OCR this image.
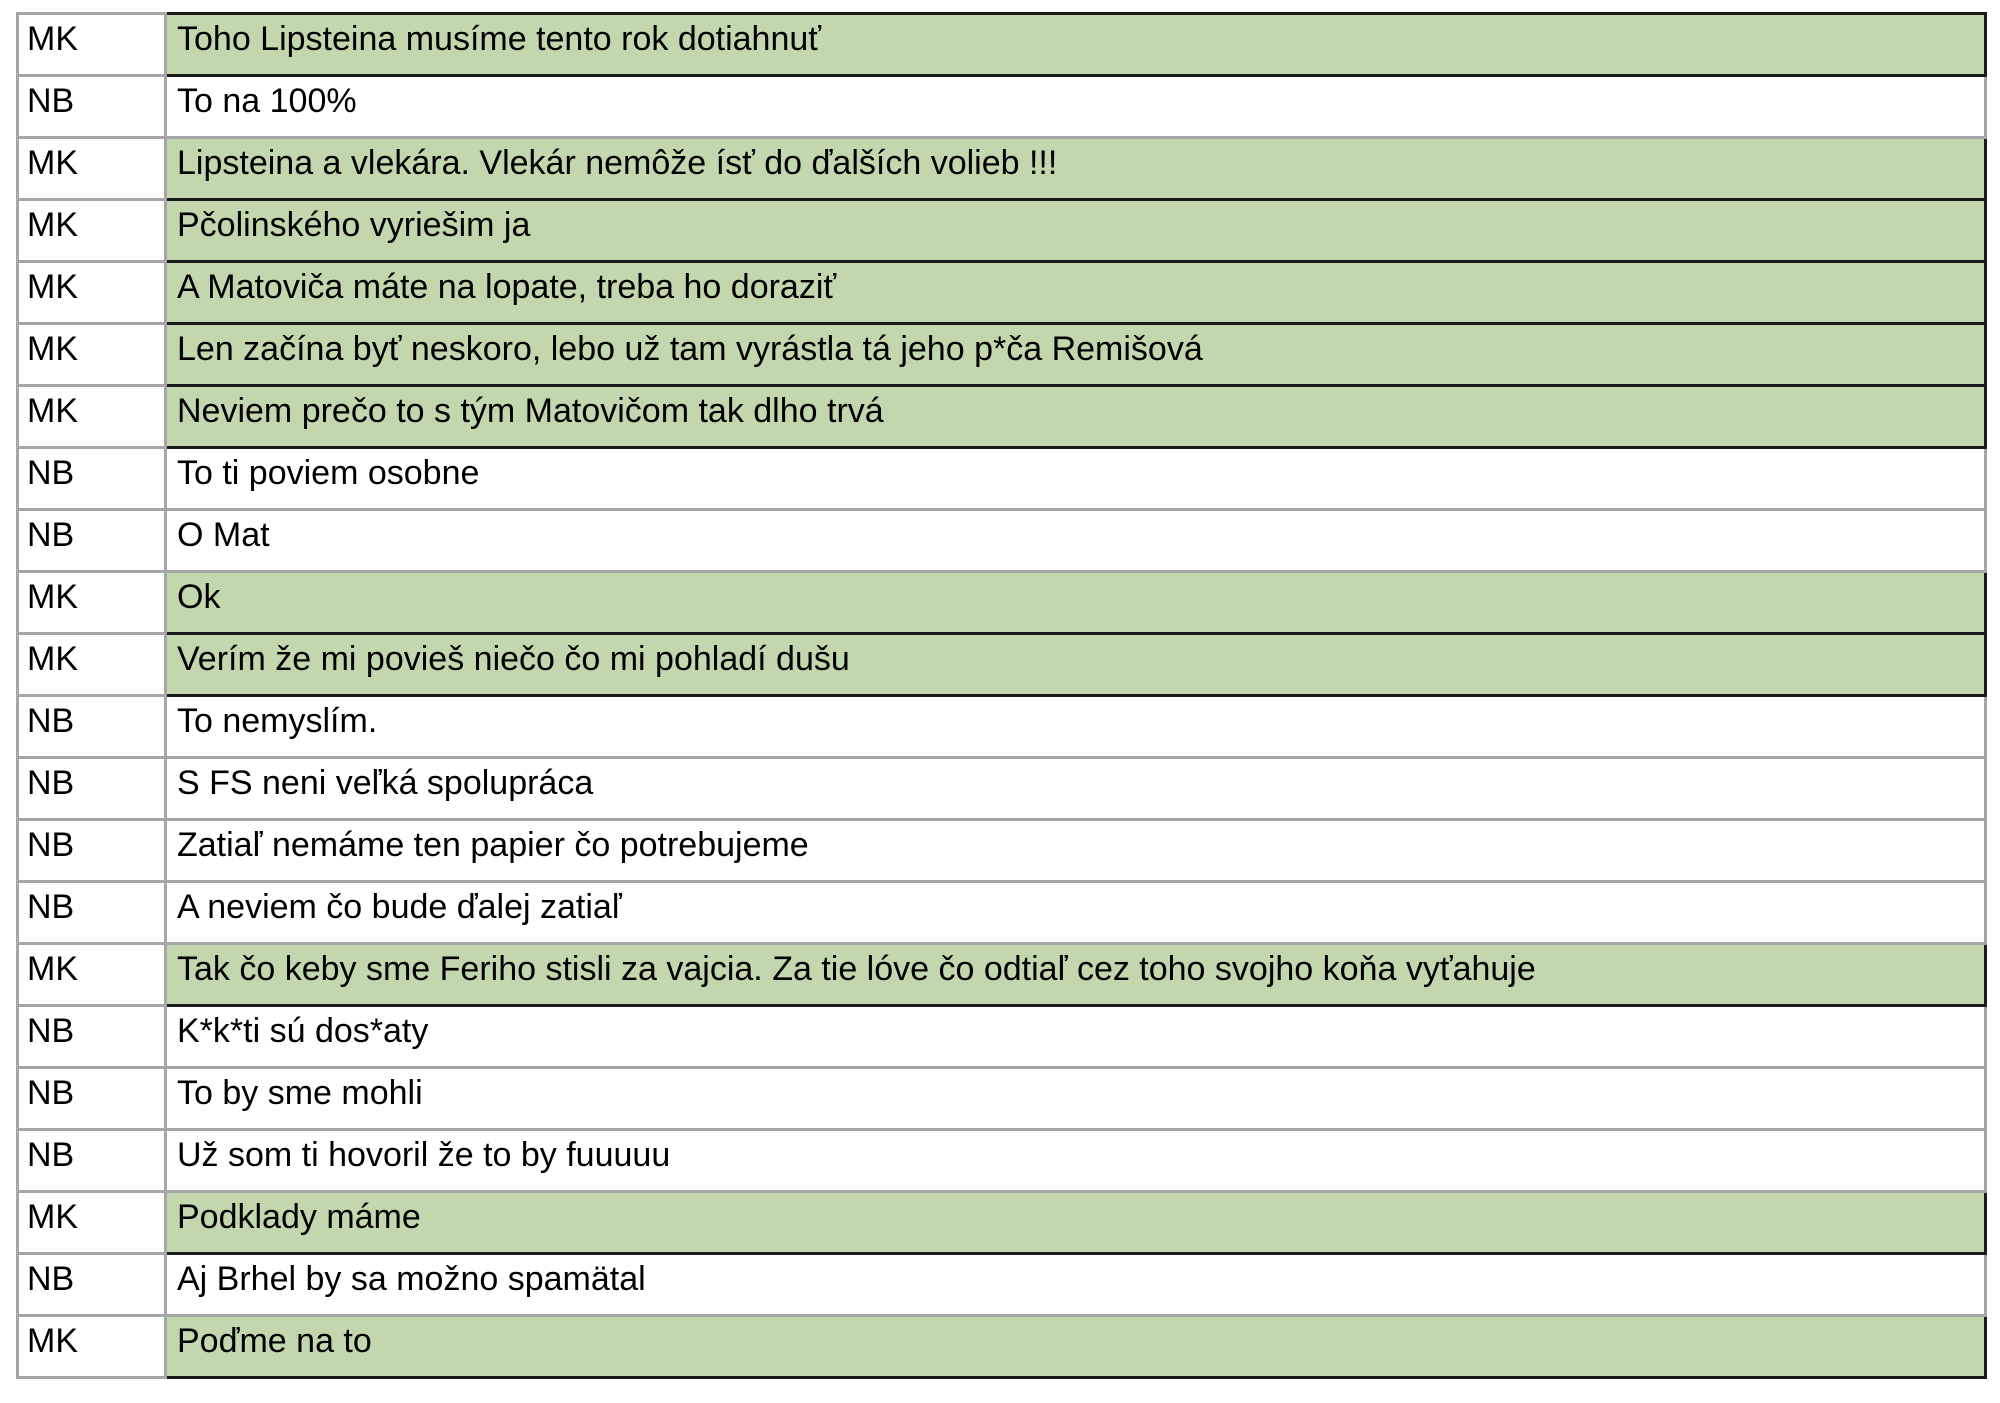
MK	Toho Lipsteina musíme tento rok dotiahnuť
NB	To na 100%
MK	Lipsteina a vlekára. Vlekár nemôže ísť do ďalších volieb !!!
MK	Pčolinského vyriešim ja
MK	A Matoviča máte na lopate, treba ho doraziť
MK	Len začína byť neskoro, lebo už tam vyrástla tá jeho p*ča Remišová
MK	Neviem prečo to s tým Matovičom tak dlho trvá
NB	To ti poviem osobne
NB	O Mat
MK	Ok
MK	Verím že mi povieš niečo čo mi pohladí dušu
NB	To nemyslím.
NB	S FS neni veľká spolupráca
NB	Zatiaľ nemáme ten papier čo potrebujeme
NB	A neviem čo bude ďalej zatiaľ
MK	Tak čo keby sme Feriho stisli za vajcia. Za tie lóve čo odtiaľ cez toho svojho koňa vyťahuje
NB	K*k*ti sú dos*aty
NB	To by sme mohli
NB	Už som ti hovoril že to by fuuuuu
MK	Podklady máme
NB	Aj Brhel by sa možno spamätal
MK	Poďme na to
